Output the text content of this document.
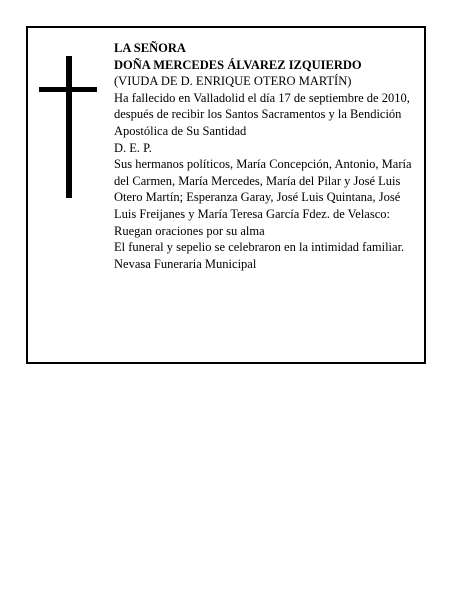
LA SEÑORA
DOÑA MERCEDES ÁLVAREZ IZQUIERDO
(VIUDA DE D. ENRIQUE OTERO MARTÍN)
Ha fallecido en Valladolid el día 17 de septiembre de 2010, después de recibir los Santos Sacramentos y la Bendición Apostólica de Su Santidad
D. E. P.
Sus hermanos políticos, María Concepción, Antonio, María del Carmen, María Mercedes, María del Pilar y José Luis Otero Martín; Esperanza Garay, José Luis Quintana, José Luis Freijanes y María Teresa García Fdez. de Velasco:
Ruegan oraciones por su alma
El funeral y sepelio se celebraron en la intimidad familiar.
Nevasa Funeraria Municipal
